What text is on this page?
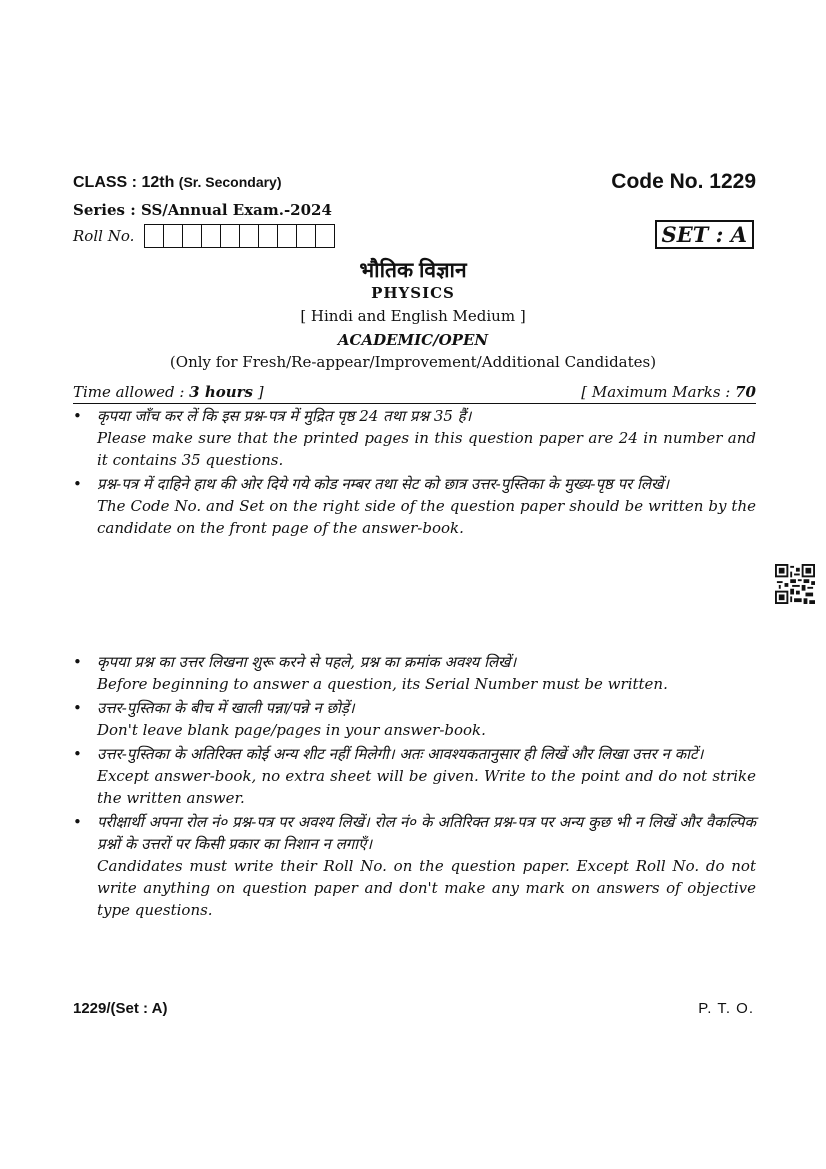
CLASS : 12th (Sr. Secondary)	Code No. 1229
Series : SS/Annual Exam.-2024
Roll No.	SET : A
भौतिक विज्ञान
PHYSICS
[ Hindi and English Medium ]
ACADEMIC/OPEN
(Only for Fresh/Re-appear/Improvement/Additional Candidates)
Time allowed : 3 hours ]	[ Maximum Marks : 70
• कृपया जाँच कर लें कि इस प्रश्न-पत्र में मुद्रित पृष्ठ 24 तथा प्रश्न 35 हैं।

Please make sure that the printed pages in this question paper are 24 in number and it contains 35 questions.

• प्रश्न-पत्र में दाहिने हाथ की ओर दिये गये कोड नम्बर तथा सेट को छात्र उत्तर-पुस्तिका के मुख्य-पृष्ठ पर लिखें।

The Code No. and Set on the right side of the question paper should be written by the candidate on the front page of the answer-book.

• कृपया प्रश्न का उत्तर लिखना शुरू करने से पहले, प्रश्न का क्रमांक अवश्य लिखें।

Before beginning to answer a question, its Serial Number must be written.

• उत्तर-पुस्तिका के बीच में खाली पन्ना/पन्ने न छोड़ें।

Don't leave blank page/pages in your answer-book.

• उत्तर-पुस्तिका के अतिरिक्त कोई अन्य शीट नहीं मिलेगी। अतः आवश्यकतानुसार ही लिखें और लिखा उत्तर न काटें।

Except answer-book, no extra sheet will be given. Write to the point and do not strike the written answer.

• परीक्षार्थी अपना रोल नं० प्रश्न-पत्र पर अवश्य लिखें। रोल नं० के अतिरिक्त प्रश्न-पत्र पर अन्य कुछ भी न लिखें और वैकल्पिक प्रश्नों के उत्तरों पर किसी प्रकार का निशान न लगाएँ।

Candidates must write their Roll No. on the question paper. Except Roll No. do not write anything on question paper and don't make any mark on answers of objective type questions.

1229/(Set : A)	P. T. O.
